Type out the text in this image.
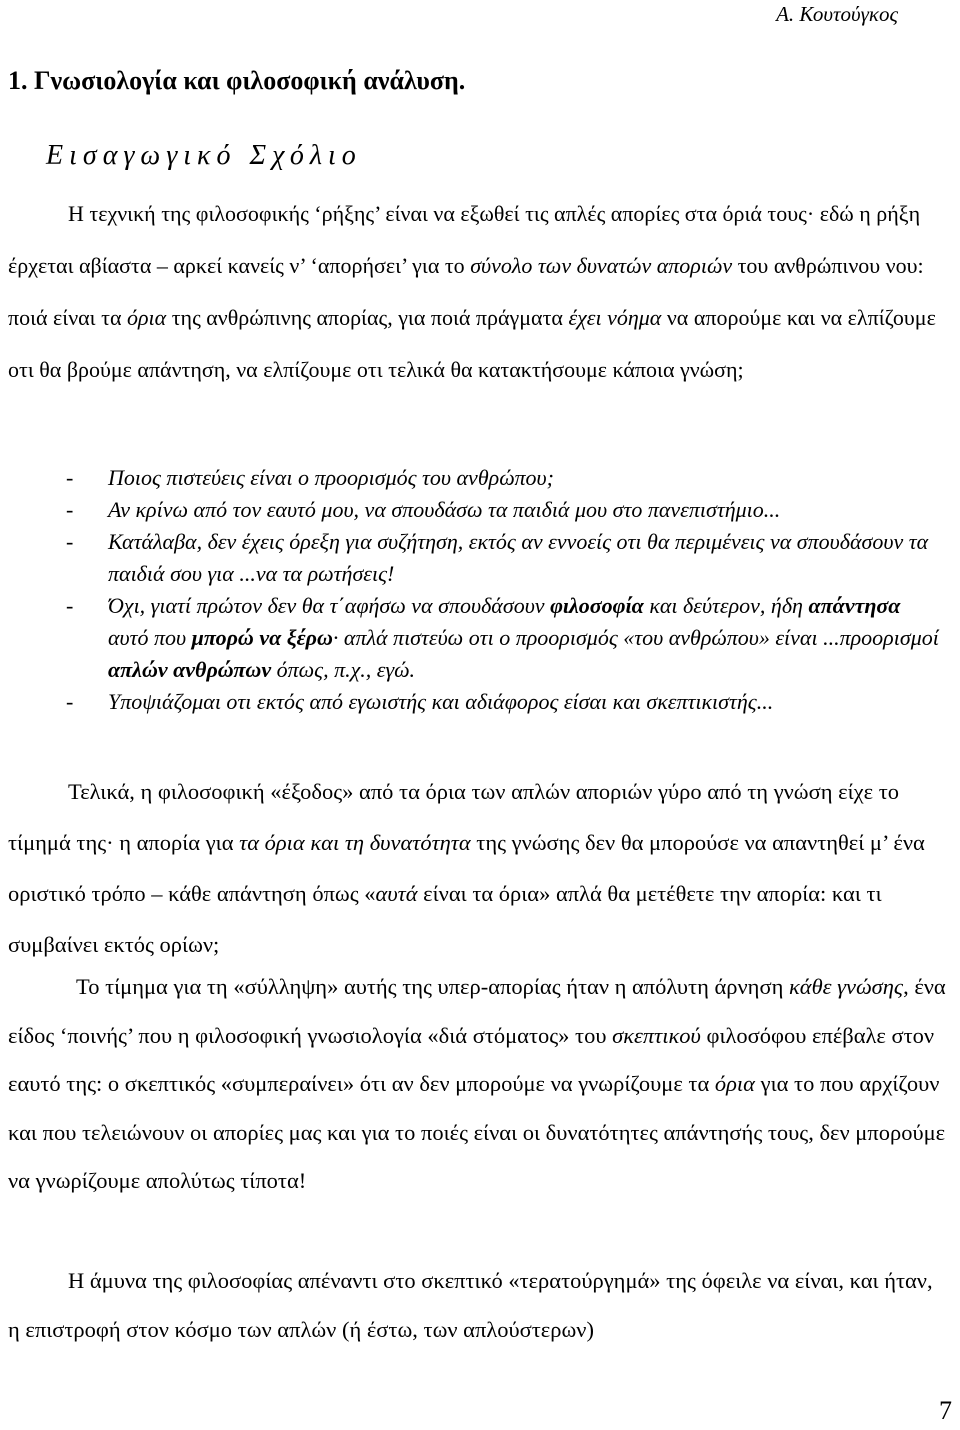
Α. Κουτούγκος
1. Γνωσιολογία και φιλοσοφική ανάλυση.
Εισαγωγικό Σχόλιο
Η τεχνική της φιλοσοφικής ‘ρήξης’ είναι να εξωθεί τις απλές απορίες στα όριά τους· εδώ η ρήξη έρχεται αβίαστα – αρκεί κανείς ν’ ‘απορήσει’ για το σύνολο των δυνατών αποριών του ανθρώπινου νου: ποιά είναι τα όρια της ανθρώπινης απορίας, για ποιά πράγματα έχει νόημα να απορούμε και να ελπίζουμε οτι θα βρούμε απάντηση, να ελπίζουμε οτι τελικά θα κατακτήσουμε κάποια γνώση;
- Ποιος πιστεύεις είναι ο προορισμός του ανθρώπου;
- Αν κρίνω από τον εαυτό μου, να σπουδάσω τα παιδιά μου στο πανεπιστήμιο...
- Κατάλαβα, δεν έχεις όρεξη για συζήτηση, εκτός αν εννοείς οτι θα περιμένεις να σπουδάσουν τα παιδιά σου για ...να τα ρωτήσεις!
- Όχι, γιατί πρώτον δεν θα τ΄αφήσω να σπουδάσουν φιλοσοφία και δεύτερον, ήδη απάντησα αυτό που μπορώ να ξέρω· απλά πιστεύω οτι ο προορισμός «του ανθρώπου» είναι ...προορισμοί απλών ανθρώπων όπως, π.χ., εγώ.
- Υποψιάζομαι οτι εκτός από εγωιστής και αδιάφορος είσαι και σκεπτικιστής...
Τελικά, η φιλοσοφική «έξοδος» από τα όρια των απλών αποριών γύρο από τη γνώση είχε το τίμημά της· η απορία για τα όρια και τη δυνατότητα της γνώσης δεν θα μπορούσε να απαντηθεί μ’ ένα οριστικό τρόπο – κάθε απάντηση όπως «αυτά είναι τα όρια» απλά θα μετέθετε την απορία: και τι συμβαίνει εκτός ορίων;
Το τίμημα για τη «σύλληψη» αυτής της υπερ-απορίας ήταν η απόλυτη άρνηση κάθε γνώσης, ένα είδος ‘ποινής’ που η φιλοσοφική γνωσιολογία «διά στόματος» του σκεπτικού φιλοσόφου επέβαλε στον εαυτό της: ο σκεπτικός «συμπεραίνει» ότι αν δεν μπορούμε να γνωρίζουμε τα όρια για το που αρχίζουν και που τελειώνουν οι απορίες μας και για το ποιές είναι οι δυνατότητες απάντησής τους, δεν μπορούμε να γνωρίζουμε απολύτως τίποτα!
Η άμυνα της φιλοσοφίας απέναντι στο σκεπτικό «τερατούργημά» της όφειλε να είναι, και ήταν, η επιστροφή στον κόσμο των απλών (ή έστω, των απλούστερων)
7
